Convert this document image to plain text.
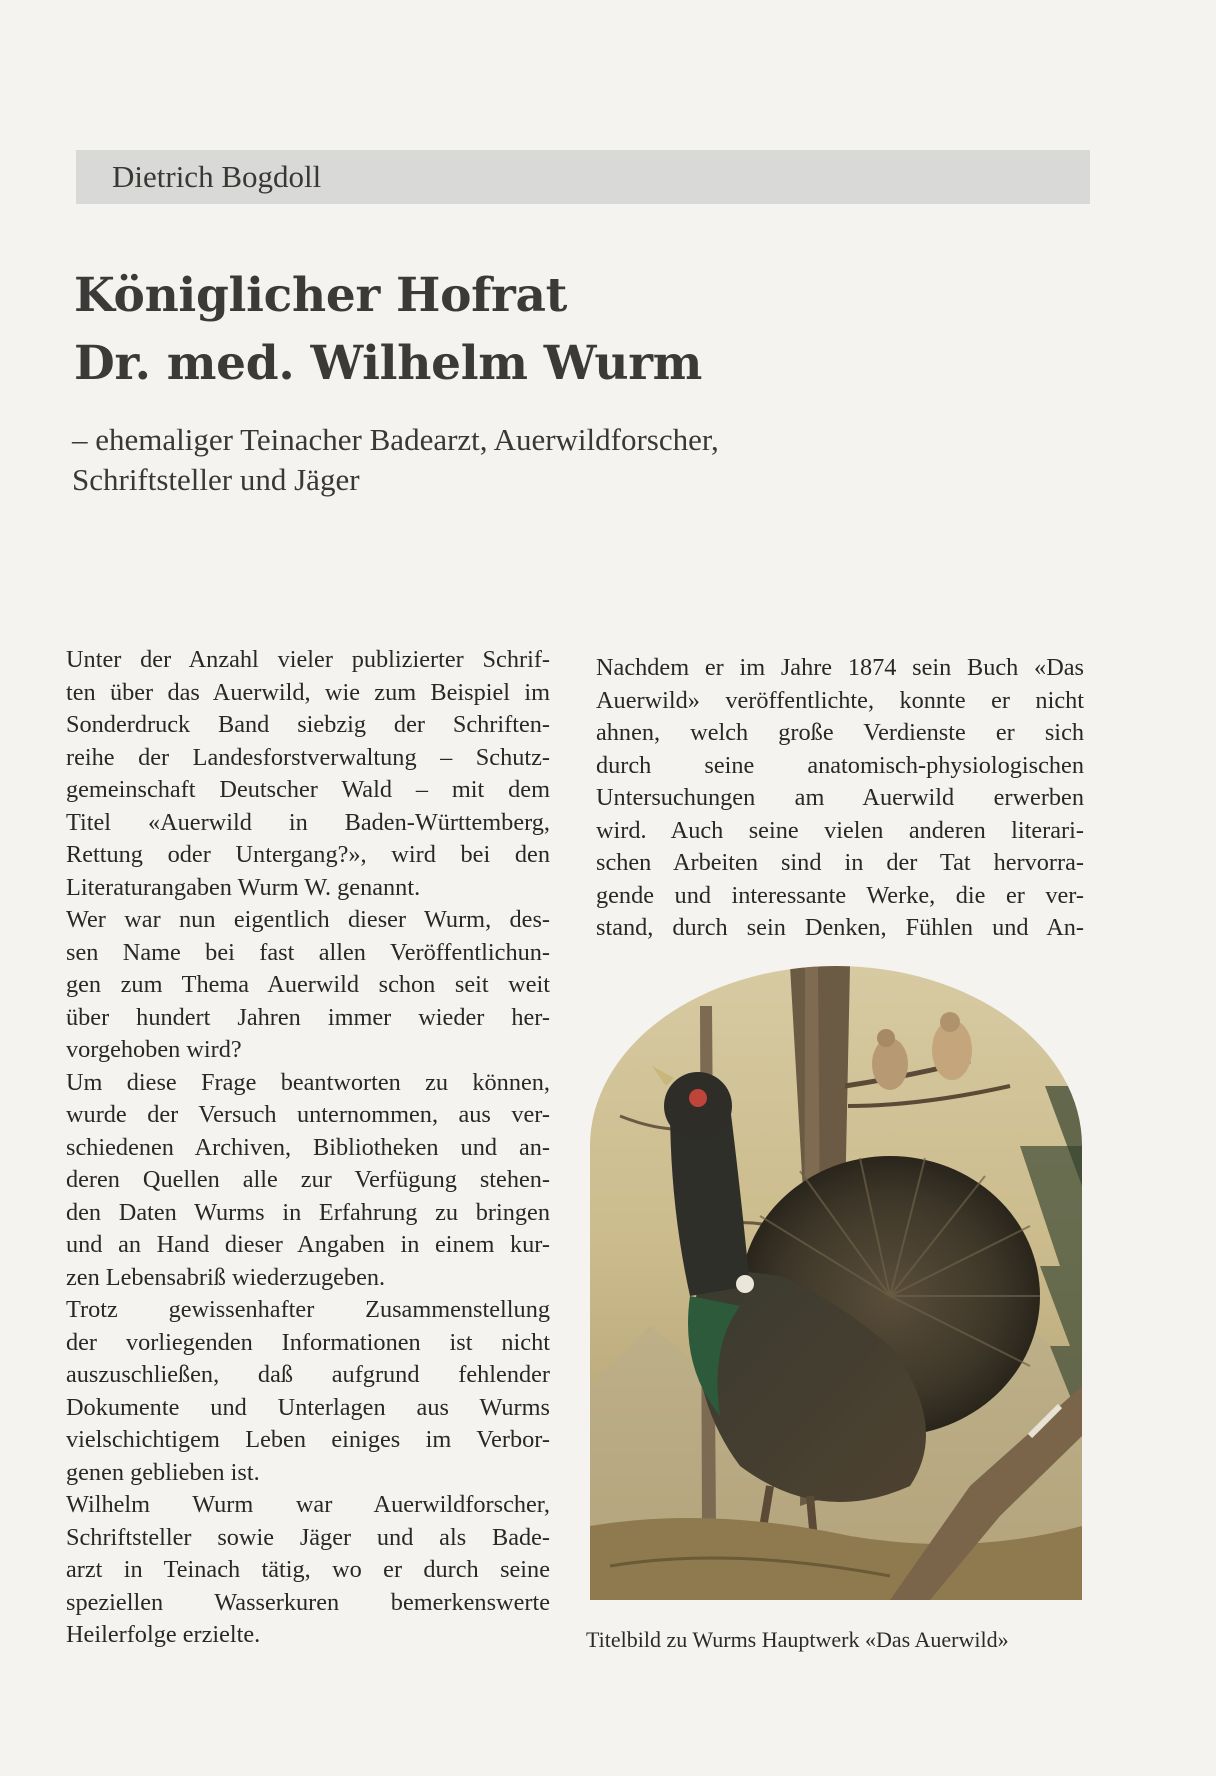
Dietrich Bogdoll
Königlicher Hofrat
Dr. med. Wilhelm Wurm
– ehemaliger Teinacher Badearzt, Auerwildforscher,
Schriftsteller und Jäger
Unter der Anzahl vieler publizierter Schrif-
ten über das Auerwild, wie zum Beispiel im
Sonderdruck Band siebzig der Schriften-
reihe der Landesforstverwaltung – Schutz-
gemeinschaft Deutscher Wald – mit dem
Titel «Auerwild in Baden-Württemberg,
Rettung oder Untergang?», wird bei den
Literaturangaben Wurm W. genannt.
Wer war nun eigentlich dieser Wurm, des-
sen Name bei fast allen Veröffentlichun-
gen zum Thema Auerwild schon seit weit
über hundert Jahren immer wieder her-
vorgehoben wird?
Um diese Frage beantworten zu können,
wurde der Versuch unternommen, aus ver-
schiedenen Archiven, Bibliotheken und an-
deren Quellen alle zur Verfügung stehen-
den Daten Wurms in Erfahrung zu bringen
und an Hand dieser Angaben in einem kur-
zen Lebensabriß wiederzugeben.
Trotz gewissenhafter Zusammenstellung
der vorliegenden Informationen ist nicht
auszuschließen, daß aufgrund fehlender
Dokumente und Unterlagen aus Wurms
vielschichtigem Leben einiges im Verbor-
genen geblieben ist.
Wilhelm Wurm war Auerwildforscher,
Schriftsteller sowie Jäger und als Bade-
arzt in Teinach tätig, wo er durch seine
speziellen Wasserkuren bemerkenswerte
Heilerfolge erzielte.
Nachdem er im Jahre 1874 sein Buch «Das
Auerwild» veröffentlichte, konnte er nicht
ahnen, welch große Verdienste er sich
durch seine anatomisch-physiologischen
Untersuchungen am Auerwild erwerben
wird. Auch seine vielen anderen literari-
schen Arbeiten sind in der Tat hervorra-
gende und interessante Werke, die er ver-
stand, durch sein Denken, Fühlen und An-
Titelbild zu Wurms Hauptwerk «Das Auerwild»
